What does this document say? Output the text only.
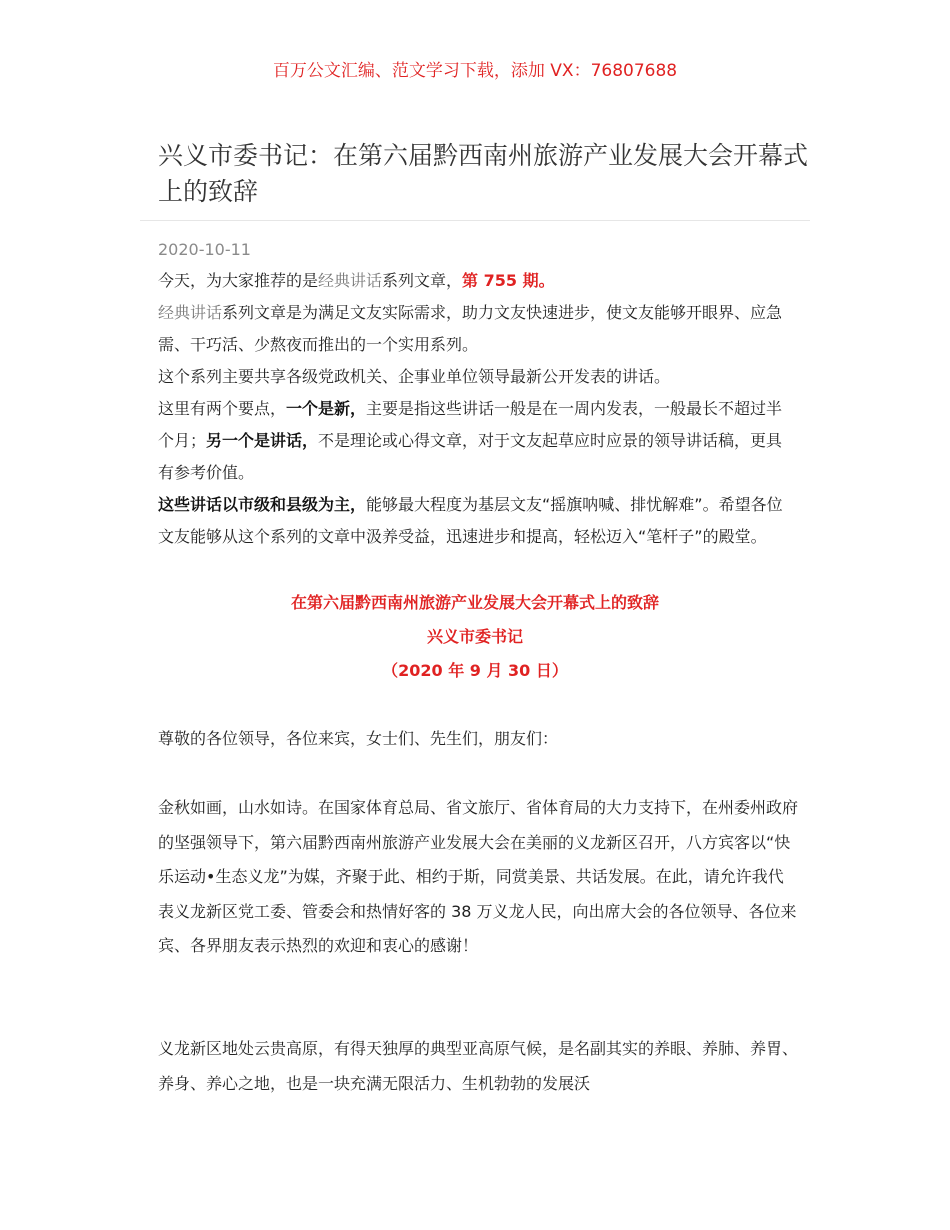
百万公文汇编、范文学习下载，添加 VX：76807688
兴义市委书记：在第六届黔西南州旅游产业发展大会开幕式上的致辞
2020-10-11

今天，为大家推荐的是经典讲话系列文章，第 755 期。

经典讲话系列文章是为满足文友实际需求，助力文友快速进步，使文友能够开眼界、应急需、干巧活、少熬夜而推出的一个实用系列。

这个系列主要共享各级党政机关、企事业单位领导最新公开发表的讲话。

这里有两个要点，一个是新，主要是指这些讲话一般是在一周内发表，一般最长不超过半个月；另一个是讲话，不是理论或心得文章，对于文友起草应时应景的领导讲话稿，更具有参考价值。

这些讲话以市级和县级为主，能够最大程度为基层文友“摇旗呐喊、排忧解难”。希望各位文友能够从这个系列的文章中汲养受益，迅速进步和提高，轻松迈入“笔杆子”的殿堂。

在第六届黔西南州旅游产业发展大会开幕式上的致辞
兴义市委书记
（2020 年 9 月 30 日）
尊敬的各位领导，各位来宾，女士们、先生们，朋友们：
金秋如画，山水如诗。在国家体育总局、省文旅厅、省体育局的大力支持下，在州委州政府的坚强领导下，第六届黔西南州旅游产业发展大会在美丽的义龙新区召开，八方宾客以“快乐运动•生态义龙”为媒，齐聚于此、相约于斯，同赏美景、共话发展。在此，请允许我代表义龙新区党工委、管委会和热情好客的 38 万义龙人民，向出席大会的各位领导、各位来宾、各界朋友表示热烈的欢迎和衷心的感谢！
义龙新区地处云贵高原，有得天独厚的典型亚高原气候，是名副其实的养眼、养肺、养胃、养身、养心之地，也是一块充满无限活力、生机勃勃的发展沃
